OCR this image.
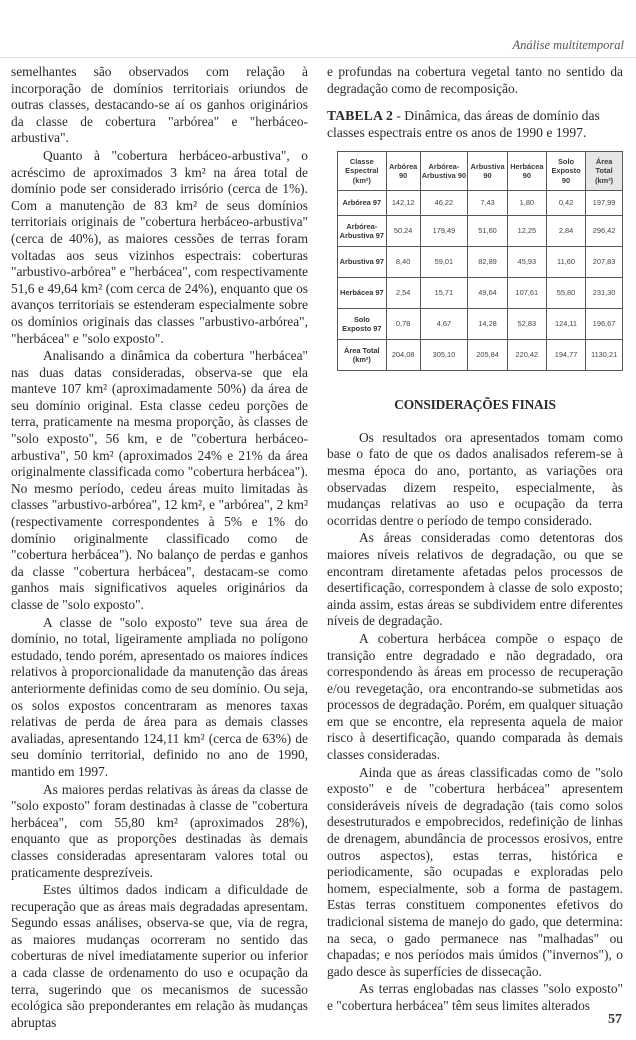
Análise multitemporal

semelhantes são observados com relação à incorporação de domínios territoriais oriundos de outras classes, destacando-se aí os ganhos originários da classe de cobertura "arbórea" e "herbáceo-arbustiva".

Quanto à "cobertura herbáceo-arbustiva", o acréscimo de aproximados 3 km² na área total de domínio pode ser considerado irrisório (cerca de 1%). Com a manutenção de 83 km² de seus domínios territoriais originais de "cobertura herbáceo-arbustiva" (cerca de 40%), as maiores cessões de terras foram voltadas aos seus vizinhos espectrais: coberturas "arbustivo-arbórea" e "herbácea", com respectivamente 51,6 e 49,64 km² (com cerca de 24%), enquanto que os avanços territoriais se estenderam especialmente sobre os domínios originais das classes "arbustivo-arbórea", "herbácea" e "solo exposto".

Analisando a dinâmica da cobertura "herbácea" nas duas datas consideradas, observa-se que ela manteve 107 km² (aproximadamente 50%) da área de seu domínio original. Esta classe cedeu porções de terra, praticamente na mesma proporção, às classes de "solo exposto", 56 km, e de "cobertura herbáceo-arbustiva", 50 km² (aproximados 24% e 21% da área originalmente classificada como "cobertura herbácea"). No mesmo período, cedeu áreas muito limitadas às classes "arbustivo-arbórea", 12 km², e "arbórea", 2 km² (respectivamente correspondentes à 5% e 1% do domínio originalmente classificado como de "cobertura herbácea"). No balanço de perdas e ganhos da classe "cobertura herbácea", destacam-se como ganhos mais significativos aqueles originários da classe de "solo exposto".

A classe de "solo exposto" teve sua área de domínio, no total, ligeiramente ampliada no polígono estudado, tendo porém, apresentado os maiores índices relativos à proporcionalidade da manutenção das áreas anteriormente definidas como de seu domínio. Ou seja, os solos expostos concentraram as menores taxas relativas de perda de área para as demais classes avaliadas, apresentando 124,11 km² (cerca de 63%) de seu domínio territorial, definido no ano de 1990, mantido em 1997.

As maiores perdas relativas às áreas da classe de "solo exposto" foram destinadas à classe de "cobertura herbácea", com 55,80 km² (aproximados 28%), enquanto que as proporções destinadas às demais classes consideradas apresentaram valores total ou praticamente desprezíveis.

Estes últimos dados indicam a dificuldade de recuperação que as áreas mais degradadas apresentam. Segundo essas análises, observa-se que, via de regra, as maiores mudanças ocorreram no sentido das coberturas de nível imediatamente superior ou inferior a cada classe de ordenamento do uso e ocupação da terra, sugerindo que os mecanismos de sucessão ecológica são preponderantes em relação às mudanças abruptas

e profundas na cobertura vegetal tanto no sentido da degradação como de recomposição.

TABELA 2 - Dinâmica, das áreas de domínio das classes espectrais entre os anos de 1990 e 1997.

Classe Espectral (km²)	Arbórea 90	Arbórea-Arbustiva 90	Arbustiva 90	Herbácea 90	Solo Exposto 90	Área Total (km²)
Arbórea 97	142,12	46,22	7,43	1,80	0,42	197,99
Arbórea-Arbustiva 97	50,24	179,49	51,60	12,25	2,84	296,42
Arbustiva 97	8,40	59,01	82,89	45,93	11,60	207,83
Herbácea 97	2,54	15,71	49,64	107,61	55,80	231,30
Solo Exposto 97	0,78	4,67	14,28	52,83	124,11	196,67
Área Total (km²)	204,08	305,10	205,84	220,42	194,77	1130,21

CONSIDERAÇÕES FINAIS

Os resultados ora apresentados tomam como base o fato de que os dados analisados referem-se à mesma época do ano, portanto, as variações ora observadas dizem respeito, especialmente, às mudanças relativas ao uso e ocupação da terra ocorridas dentre o período de tempo considerado.

As áreas consideradas como detentoras dos maiores níveis relativos de degradação, ou que se encontram diretamente afetadas pelos processos de desertificação, correspondem à classe de solo exposto; ainda assim, estas áreas se subdividem entre diferentes níveis de degradação.

A cobertura herbácea compõe o espaço de transição entre degradado e não degradado, ora correspondendo às áreas em processo de recuperação e/ou revegetação, ora encontrando-se submetidas aos processos de degradação. Porém, em qualquer situação em que se encontre, ela representa aquela de maior risco à desertificação, quando comparada às demais classes consideradas.

Ainda que as áreas classificadas como de "solo exposto" e de "cobertura herbácea" apresentem consideráveis níveis de degradação (tais como solos desestruturados e empobrecidos, redefinição de linhas de drenagem, abundância de processos erosivos, entre outros aspectos), estas terras, histórica e periodicamente, são ocupadas e exploradas pelo homem, especialmente, sob a forma de pastagem. Estas terras constituem componentes efetivos do tradicional sistema de manejo do gado, que determina: na seca, o gado permanece nas "malhadas" ou chapadas; e nos períodos mais úmidos ("invernos"), o gado desce às superfícies de dissecação.

As terras englobadas nas classes "solo exposto" e "cobertura herbácea" têm seus limites alterados

57
